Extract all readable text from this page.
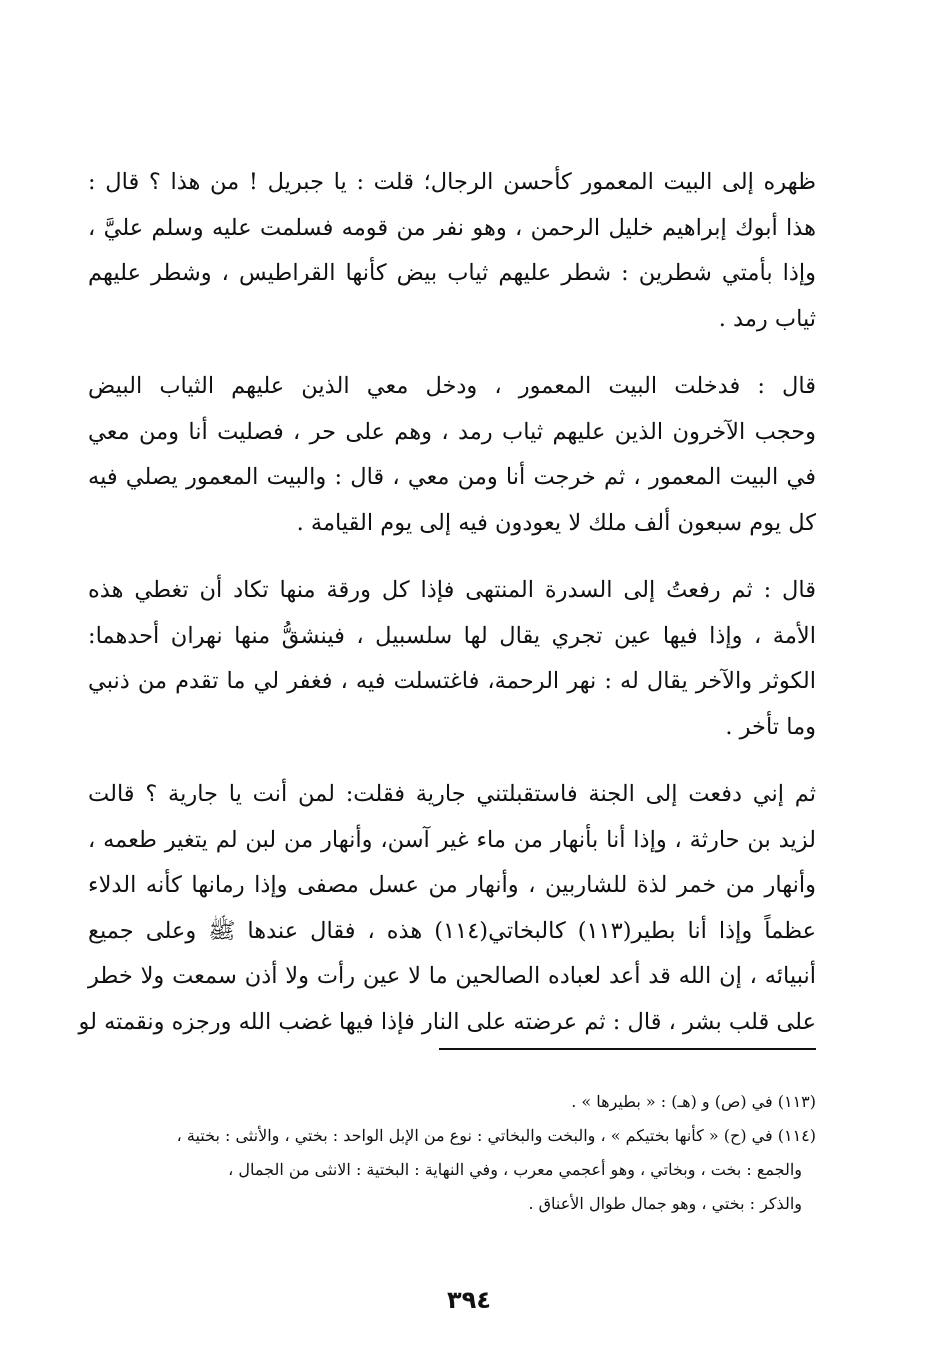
ظهره إلى البيت المعمور كأحسن الرجال؛ قلت : يا جبريل ! من هذا ؟ قال :
هذا أبوك إبراهيم خليل الرحمن ، وهو نفر من قومه فسلمت عليه وسلم عليَّ ،
وإذا بأمتي شطرين : شطر عليهم ثياب بيض كأنها القراطيس ، وشطر عليهم
ثياب رمد .
قال : فدخلت البيت المعمور ، ودخل معي الذين عليهم الثياب البيض
وحجب الآخرون الذين عليهم ثياب رمد ، وهم على حر ، فصليت أنا ومن معي
في البيت المعمور ، ثم خرجت أنا ومن معي ، قال : والبيت المعمور يصلي فيه
كل يوم سبعون ألف ملك لا يعودون فيه إلى يوم القيامة .
قال : ثم رفعتُ إلى السدرة المنتهى فإذا كل ورقة منها تكاد أن تغطي هذه
الأمة ، وإذا فيها عين تجري يقال لها سلسبيل ، فينشقُّ منها نهران أحدهما:
الكوثر والآخر يقال له : نهر الرحمة، فاغتسلت فيه ، فغفر لي ما تقدم من ذنبي
وما تأخر .
ثم إني دفعت إلى الجنة فاستقبلتني جارية فقلت: لمن أنت يا جارية ؟ قالت
لزيد بن حارثة ، وإذا أنا بأنهار من ماء غير آسن، وأنهار من لبن لم يتغير طعمه ،
وأنهار من خمر لذة للشاربين ، وأنهار من عسل مصفى وإذا رمانها كأنه الدلاء
عظماً وإذا أنا بطير(١١٣) كالبخاتي(١١٤) هذه ، فقال عندها ﷺ وعلى جميع
أنبيائه ، إن الله قد أعد لعباده الصالحين ما لا عين رأت ولا أذن سمعت ولا خطر
على قلب بشر ، قال : ثم عرضته على النار فإذا فيها غضب الله ورجزه ونقمته لو
(١١٣) في (ص) و (هـ) : « بطيرها » .
(١١٤) في (ح) « كأنها بختيكم » ، والبخت والبخاتي : نوع من الإبل الواحد : بختي ، والأنثى : بختية ،
والجمع : بخت ، وبخاتي ، وهو أعجمي معرب ، وفي النهاية : البختية : الانثى من الجمال ،
والذكر : بختي ، وهو جمال طوال الأعناق .
٣٩٤
